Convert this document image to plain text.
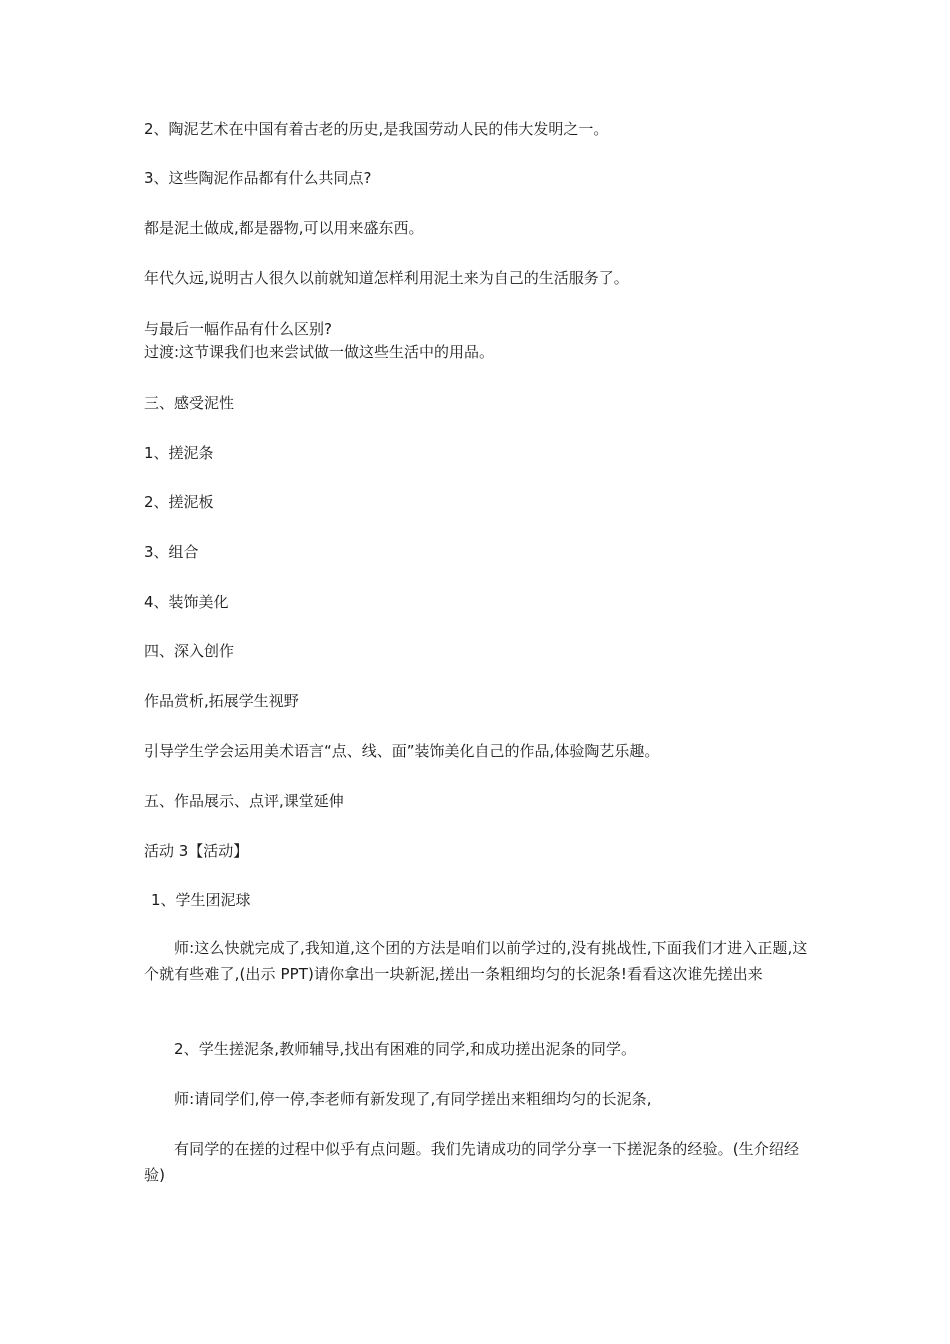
2、陶泥艺术在中国有着古老的历史,是我国劳动人民的伟大发明之一。

3、这些陶泥作品都有什么共同点?

都是泥土做成,都是器物,可以用来盛东西。

年代久远,说明古人很久以前就知道怎样利用泥土来为自己的生活服务了。

与最后一幅作品有什么区别?

过渡:这节课我们也来尝试做一做这些生活中的用品。

三、感受泥性

1、搓泥条

2、搓泥板

3、组合

4、装饰美化

四、深入创作

作品赏析,拓展学生视野

引导学生学会运用美术语言“点、线、面”装饰美化自己的作品,体验陶艺乐趣。

五、作品展示、点评,课堂延伸

活动 3【活动】

1、学生团泥球

师:这么快就完成了,我知道,这个团的方法是咱们以前学过的,没有挑战性,下面我们才进入正题,这个就有些难了,(出示 PPT)请你拿出一块新泥,搓出一条粗细均匀的长泥条!看看这次谁先搓出来

2、学生搓泥条,教师辅导,找出有困难的同学,和成功搓出泥条的同学。

师:请同学们,停一停,李老师有新发现了,有同学搓出来粗细均匀的长泥条,

有同学的在搓的过程中似乎有点问题。我们先请成功的同学分享一下搓泥条的经验。(生介绍经验)
